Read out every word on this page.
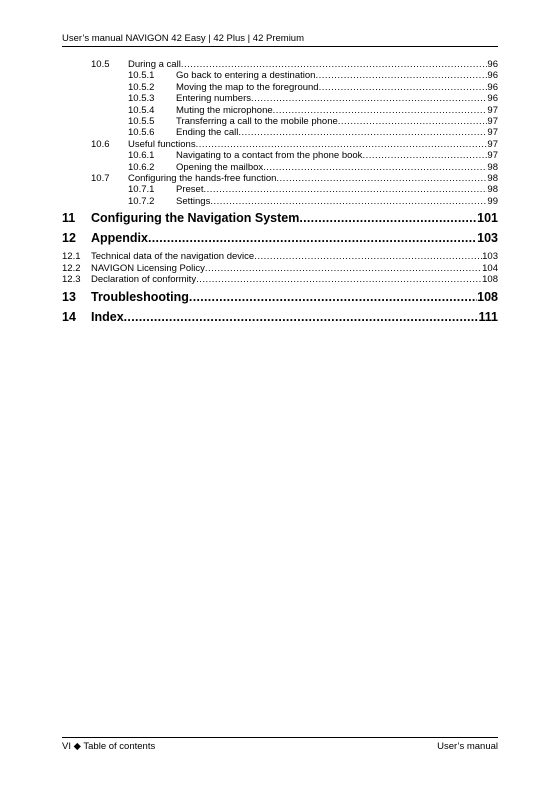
User’s manual NAVIGON 42 Easy | 42 Plus | 42 Premium
10.5	During a call .....	96
10.5.1	Go back to entering a destination .....	96
10.5.2	Moving the map to the foreground .....	96
10.5.3	Entering numbers .....	96
10.5.4	Muting the microphone .....	97
10.5.5	Transferring a call to the mobile phone .....	97
10.5.6	Ending the call .....	97
10.6	Useful functions .....	97
10.6.1	Navigating to a contact from the phone book .....	97
10.6.2	Opening the mailbox .....	98
10.7	Configuring the hands-free function .....	98
10.7.1	Preset .....	98
10.7.2	Settings .....	99
11	Configuring the Navigation System .....	101
12	Appendix .....	103
12.1	Technical data of the navigation device .....	103
12.2	NAVIGON Licensing Policy .....	104
12.3	Declaration of conformity .....	108
13	Troubleshooting .....	108
14	Index .....	111
VI ◆ Table of contents	User’s manual
